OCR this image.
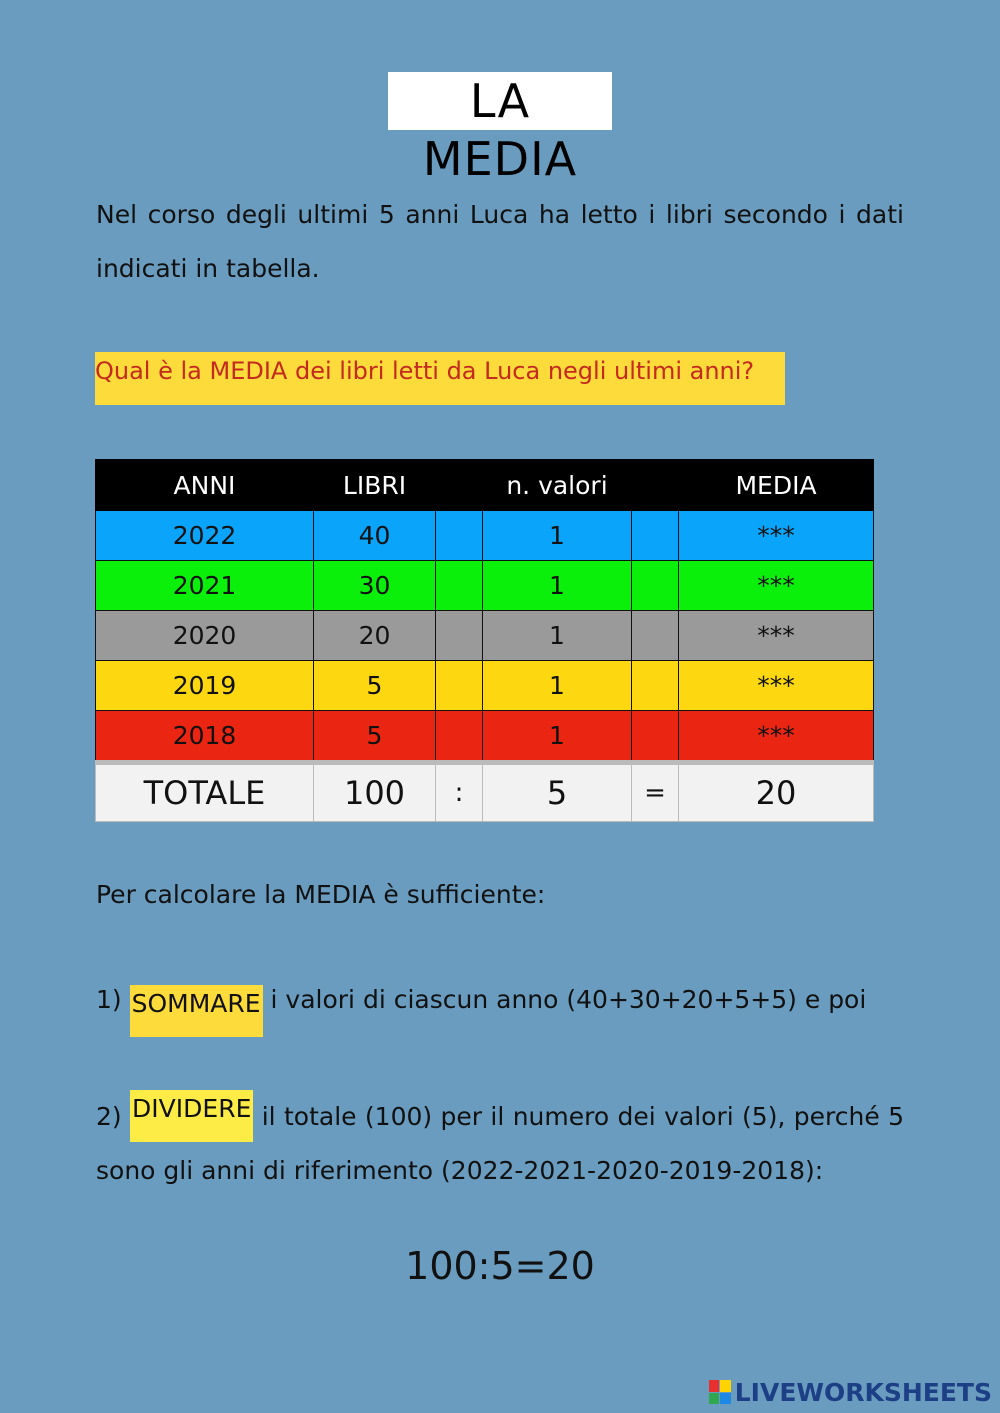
LA MEDIA
Nel corso degli ultimi 5 anni Luca ha letto i libri secondo i dati indicati in tabella.
Qual è la MEDIA dei libri letti da Luca negli ultimi anni?
ANNI	LIBRI		n. valori		MEDIA
2022	40		1		***
2021	30		1		***
2020	20		1		***
2019	5		1		***
2018	5		1		***
TOTALE	100	:	5	=	20
Per calcolare la MEDIA è sufficiente:
1) SOMMARE i valori di ciascun anno (40+30+20+5+5) e poi
2) DIVIDERE il totale (100) per il numero dei valori (5), perché 5 sono gli anni di riferimento (2022-2021-2020-2019-2018):
100:5=20
LIVEWORKSHEETS
